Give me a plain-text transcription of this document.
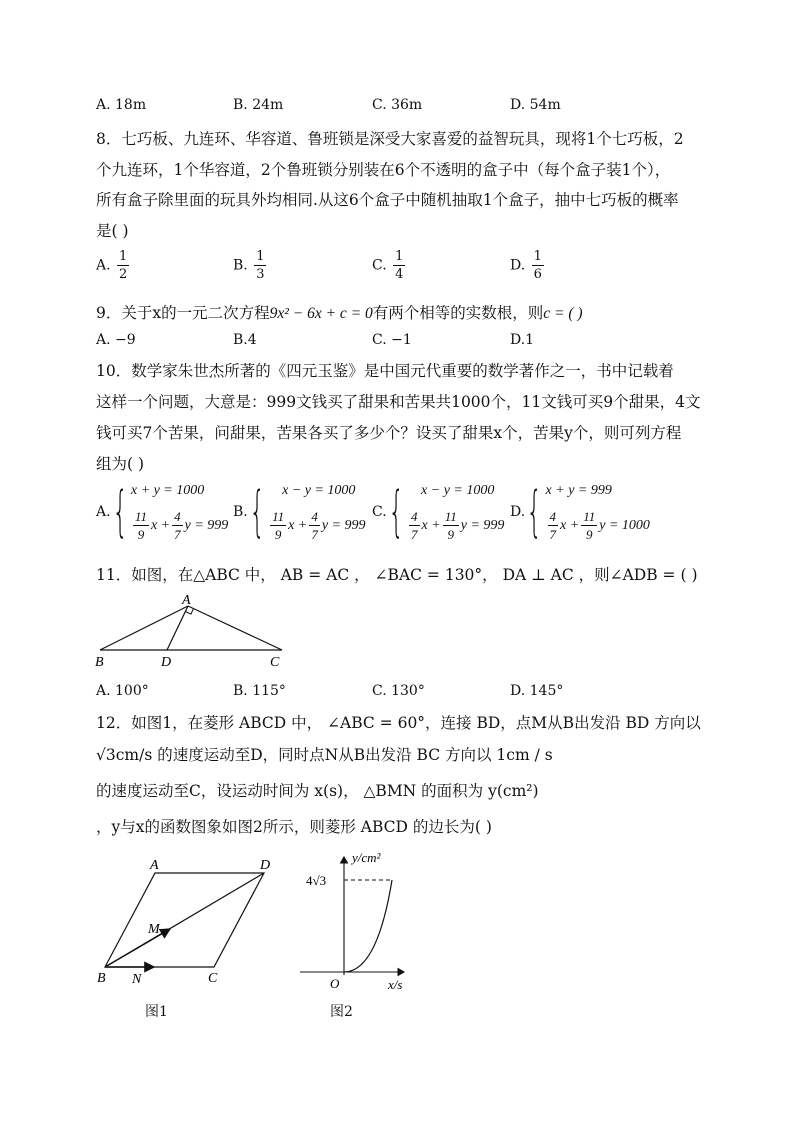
A. 18m	B. 24m	C. 36m	D. 54m
8．七巧板、九连环、华容道、鲁班锁是深受大家喜爱的益智玩具，现将1个七巧板，2
个九连环，1个华容道，2个鲁班锁分别装在6个不透明的盒子中（每个盒子装1个），
所有盒子除里面的玩具外均相同.从这6个盒子中随机抽取1个盒子，抽中七巧板的概率
是( )
A. $\frac{1}{2}$	B. $\frac{1}{3}$	C. $\frac{1}{4}$	D. $\frac{1}{6}$
9．关于x的一元二次方程9x² − 6x + c = 0有两个相等的实数根，则c = ( )
A. −9	B.4	C. −1	D.1
10．数学家朱世杰所著的《四元玉鉴》是中国元代重要的数学著作之一，书中记载着
这样一个问题，大意是：999文钱买了甜果和苦果共1000个，11文钱可买9个甜果，4文
钱可买7个苦果，问甜果，苦果各买了多少个？设买了甜果x个，苦果y个，则可列方程
组为( )
A. { x + y = 1000
$\frac{11}{9}$ $x + \frac{4}{7}$ y = 999
B. {	x − y = 1000
$\frac{11}{9}$ $x + \frac{4}{7}$ y = 999
C. {	x − y = 1000
$\frac{4}{7}$ $x + \frac{11}{9}$ y = 999
D. { x + y = 999
$\frac{4}{7}$ $x + \frac{11}{9}$ y = 1000
11．如图，在△ABC 中， AB = AC ， ∠BAC = 130°， DA ⊥ AC ，则∠ADB = ( )
A
B	D	C
A. 100°	B. 115°	C. 130°	D. 145°
12．如图1，在菱形 ABCD 中， ∠ABC = 60°，连接 BD，点M从B出发沿 BD 方向以
√3cm/s 的速度运动至D，同时点N从B出发沿 BC 方向以 1cm / s
的速度运动至C，设运动时间为 x(s)， △BMN 的面积为 y(cm²)
，y与x的函数图象如图2所示，则菱形 ABCD 的边长为( )
A	D
M
B N	C
图1
y/cm²
4√3
O	x/s
图2
